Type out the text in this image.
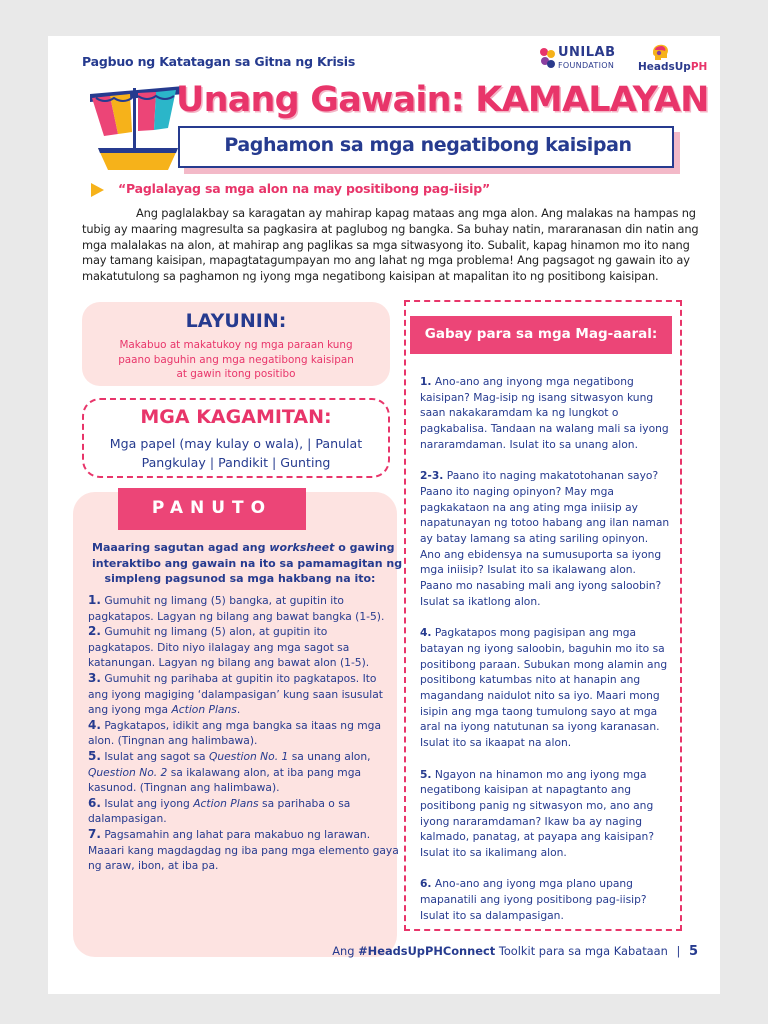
Pagbuo ng Katatagan sa Gitna ng Krisis
UNILAB
FOUNDATION HeadsUpPH
Unang Gawain: KAMALAYAN
Paghamon sa mga negatibong kaisipan
“Paglalayag sa mga alon na may positibong pag-iisip”
Ang paglalakbay sa karagatan ay mahirap kapag mataas ang mga alon. Ang malakas na hampas ng
tubig ay maaring magresulta sa pagkasira at paglubog ng bangka. Sa buhay natin, mararanasan din natin ang
mga malalakas na alon, at mahirap ang paglikas sa mga sitwasyong ito. Subalit, kapag hinamon mo ito nang
may tamang kaisipan, mapagtatagumpayan mo ang lahat ng mga problema! Ang pagsagot ng gawain ito ay
makatutulong sa paghamon ng iyong mga negatibong kaisipan at mapalitan ito ng positibong kaisipan.
LAYUNIN:
Makabuo at makatukoy ng mga paraan kung
paano baguhin ang mga negatibong kaisipan
at gawin itong positibo
MGA KAGAMITAN:
Mga papel (may kulay o wala), | Panulat
Pangkulay | Pandikit | Gunting
PANUTO
Maaaring sagutan agad ang worksheet o gawing
interaktibo ang gawain na ito sa pamamagitan ng
simpleng pagsunod sa mga hakbang na ito:
1. Gumuhit ng limang (5) bangka, at gupitin ito
pagkatapos. Lagyan ng bilang ang bawat bangka (1-5).
2. Gumuhit ng limang (5) alon, at gupitin ito
pagkatapos. Dito niyo ilalagay ang mga sagot sa
katanungan. Lagyan ng bilang ang bawat alon (1-5).
3. Gumuhit ng parihaba at gupitin ito pagkatapos. Ito
ang iyong magiging ‘dalampasigan’ kung saan isusulat
ang iyong mga Action Plans.
4. Pagkatapos, idikit ang mga bangka sa itaas ng mga
alon. (Tingnan ang halimbawa).
5. Isulat ang sagot sa Question No. 1 sa unang alon,
Question No. 2 sa ikalawang alon, at iba pang mga
kasunod. (Tingnan ang halimbawa).
6. Isulat ang iyong Action Plans sa parihaba o sa
dalampasigan.
7. Pagsamahin ang lahat para makabuo ng larawan.
Maaari kang magdagdag ng iba pang mga elemento gaya
ng araw, ibon, at iba pa.
Gabay para sa mga Mag-aaral:
1. Ano-ano ang inyong mga negatibong
kaisipan? Mag-isip ng isang sitwasyon kung
saan nakakaramdam ka ng lungkot o
pagkabalisa. Tandaan na walang mali sa iyong
nararamdaman. Isulat ito sa unang alon.
2-3. Paano ito naging makatotohanan sayo?
Paano ito naging opinyon? May mga
pagkakataon na ang ating mga iniisip ay
napatunayan ng totoo habang ang ilan naman
ay batay lamang sa ating sariling opinyon.
Ano ang ebidensya na sumusuporta sa iyong
mga iniisip? Isulat ito sa ikalawang alon.
Paano mo nasabing mali ang iyong saloobin?
Isulat sa ikatlong alon.
4. Pagkatapos mong pagisipan ang mga
batayan ng iyong saloobin, baguhin mo ito sa
positibong paraan. Subukan mong alamin ang
positibong katumbas nito at hanapin ang
magandang naidulot nito sa iyo. Maari mong
isipin ang mga taong tumulong sayo at mga
aral na iyong natutunan sa iyong karanasan.
Isulat ito sa ikaapat na alon.
5. Ngayon na hinamon mo ang iyong mga
negatibong kaisipan at napagtanto ang
positibong panig ng sitwasyon mo, ano ang
iyong nararamdaman? Ikaw ba ay naging
kalmado, panatag, at payapa ang kaisipan?
Isulat ito sa ikalimang alon.
6. Ano-ano ang iyong mga plano upang
mapanatili ang iyong positibong pag-iisip?
Isulat ito sa dalampasigan.
Ang #HeadsUpPHConnect Toolkit para sa mga Kabataan | 5
